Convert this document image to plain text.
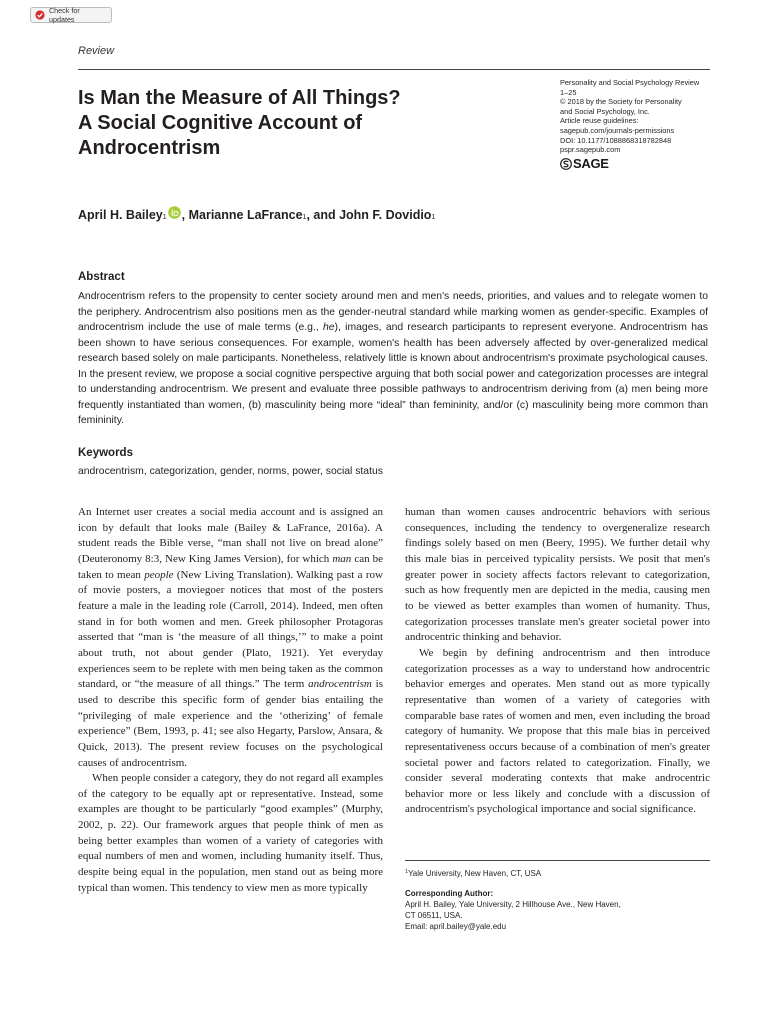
Check for updates
Review
Is Man the Measure of All Things?
A Social Cognitive Account of
Androcentrism
Personality and Social Psychology Review
1–25
© 2018 by the Society for Personality
and Social Psychology, Inc.
Article reuse guidelines:
sagepub.com/journals-permissions
DOI: 10.1177/1088868318782848
pspr.sagepub.com
SAGE
April H. Bailey$_1$ , Marianne LaFrance$_1$ , and John F. Dovidio$_1$
Abstract

Androcentrism refers to the propensity to center society around men and men's needs, priorities, and values and to relegate women to the periphery. Androcentrism also positions men as the gender-neutral standard while marking women as gender-specific. Examples of androcentrism include the use of male terms (e.g., he), images, and research participants to represent everyone. Androcentrism has been shown to have serious consequences. For example, women's health has been adversely affected by over-generalized medical research based solely on male participants. Nonetheless, relatively little is known about androcentrism's proximate psychological causes. In the present review, we propose a social cognitive perspective arguing that both social power and categorization processes are integral to understanding androcentrism. We present and evaluate three possible pathways to androcentrism deriving from (a) men being more frequently instantiated than women, (b) masculinity being more “ideal” than femininity, and/or (c) masculinity being more common than femininity.

Keywords
androcentrism, categorization, gender, norms, power, social status

An Internet user creates a social media account and is assigned an icon by default that looks male (Bailey & LaFrance, 2016a). A student reads the Bible verse, “man shall not live on bread alone” (Deuteronomy 8:3, New King James Version), for which man can be taken to mean people (New Living Translation). Walking past a row of movie posters, a moviegoer notices that most of the posters feature a male in the leading role (Carroll, 2014). Indeed, men often stand in for both women and men. Greek philosopher Protagoras asserted that “man is ‘the measure of all things,’” to make a point about truth, not about gender (Plato, 1921). Yet everyday experiences seem to be replete with men being taken as the common standard, or “the measure of all things.” The term androcentrism is used to describe this specific form of gender bias entailing the “privileging of male experience and the ‘otherizing’ of female experience” (Bem, 1993, p. 41; see also Hegarty, Parslow, Ansara, & Quick, 2013). The present review focuses on the psychological causes of androcentrism.

When people consider a category, they do not regard all examples of the category to be equally apt or representative. Instead, some examples are thought to be particularly “good examples” (Murphy, 2002, p. 22). Our framework argues that people think of men as being better examples than women of a variety of categories with equal numbers of men and women, including humanity itself. Thus, despite being equal in the population, men stand out as being more typical than women. This tendency to view men as more typically

human than women causes androcentric behaviors with serious consequences, including the tendency to overgeneralize research findings solely based on men (Beery, 1995). We further detail why this male bias in perceived typicality persists. We posit that men's greater power in society affects factors relevant to categorization, such as how frequently men are depicted in the media, causing men to be viewed as better examples than women of humanity. Thus, categorization processes translate men's greater societal power into androcentric thinking and behavior.

We begin by defining androcentrism and then introduce categorization processes as a way to understand how androcentric behavior emerges and operates. Men stand out as more typically representative than women of a variety of categories with comparable base rates of women and men, even including the broad category of humanity. We propose that this male bias in perceived representativeness occurs because of a combination of men's greater societal power and factors related to categorization. Finally, we consider several moderating contexts that make androcentric behavior more or less likely and conclude with a discussion of androcentrism's psychological importance and social significance.

$^1$Yale University, New Haven, CT, USA
Corresponding Author:
April H. Bailey, Yale University, 2 Hillhouse Ave., New Haven,
CT 06511, USA.
Email: april.bailey@yale.edu
